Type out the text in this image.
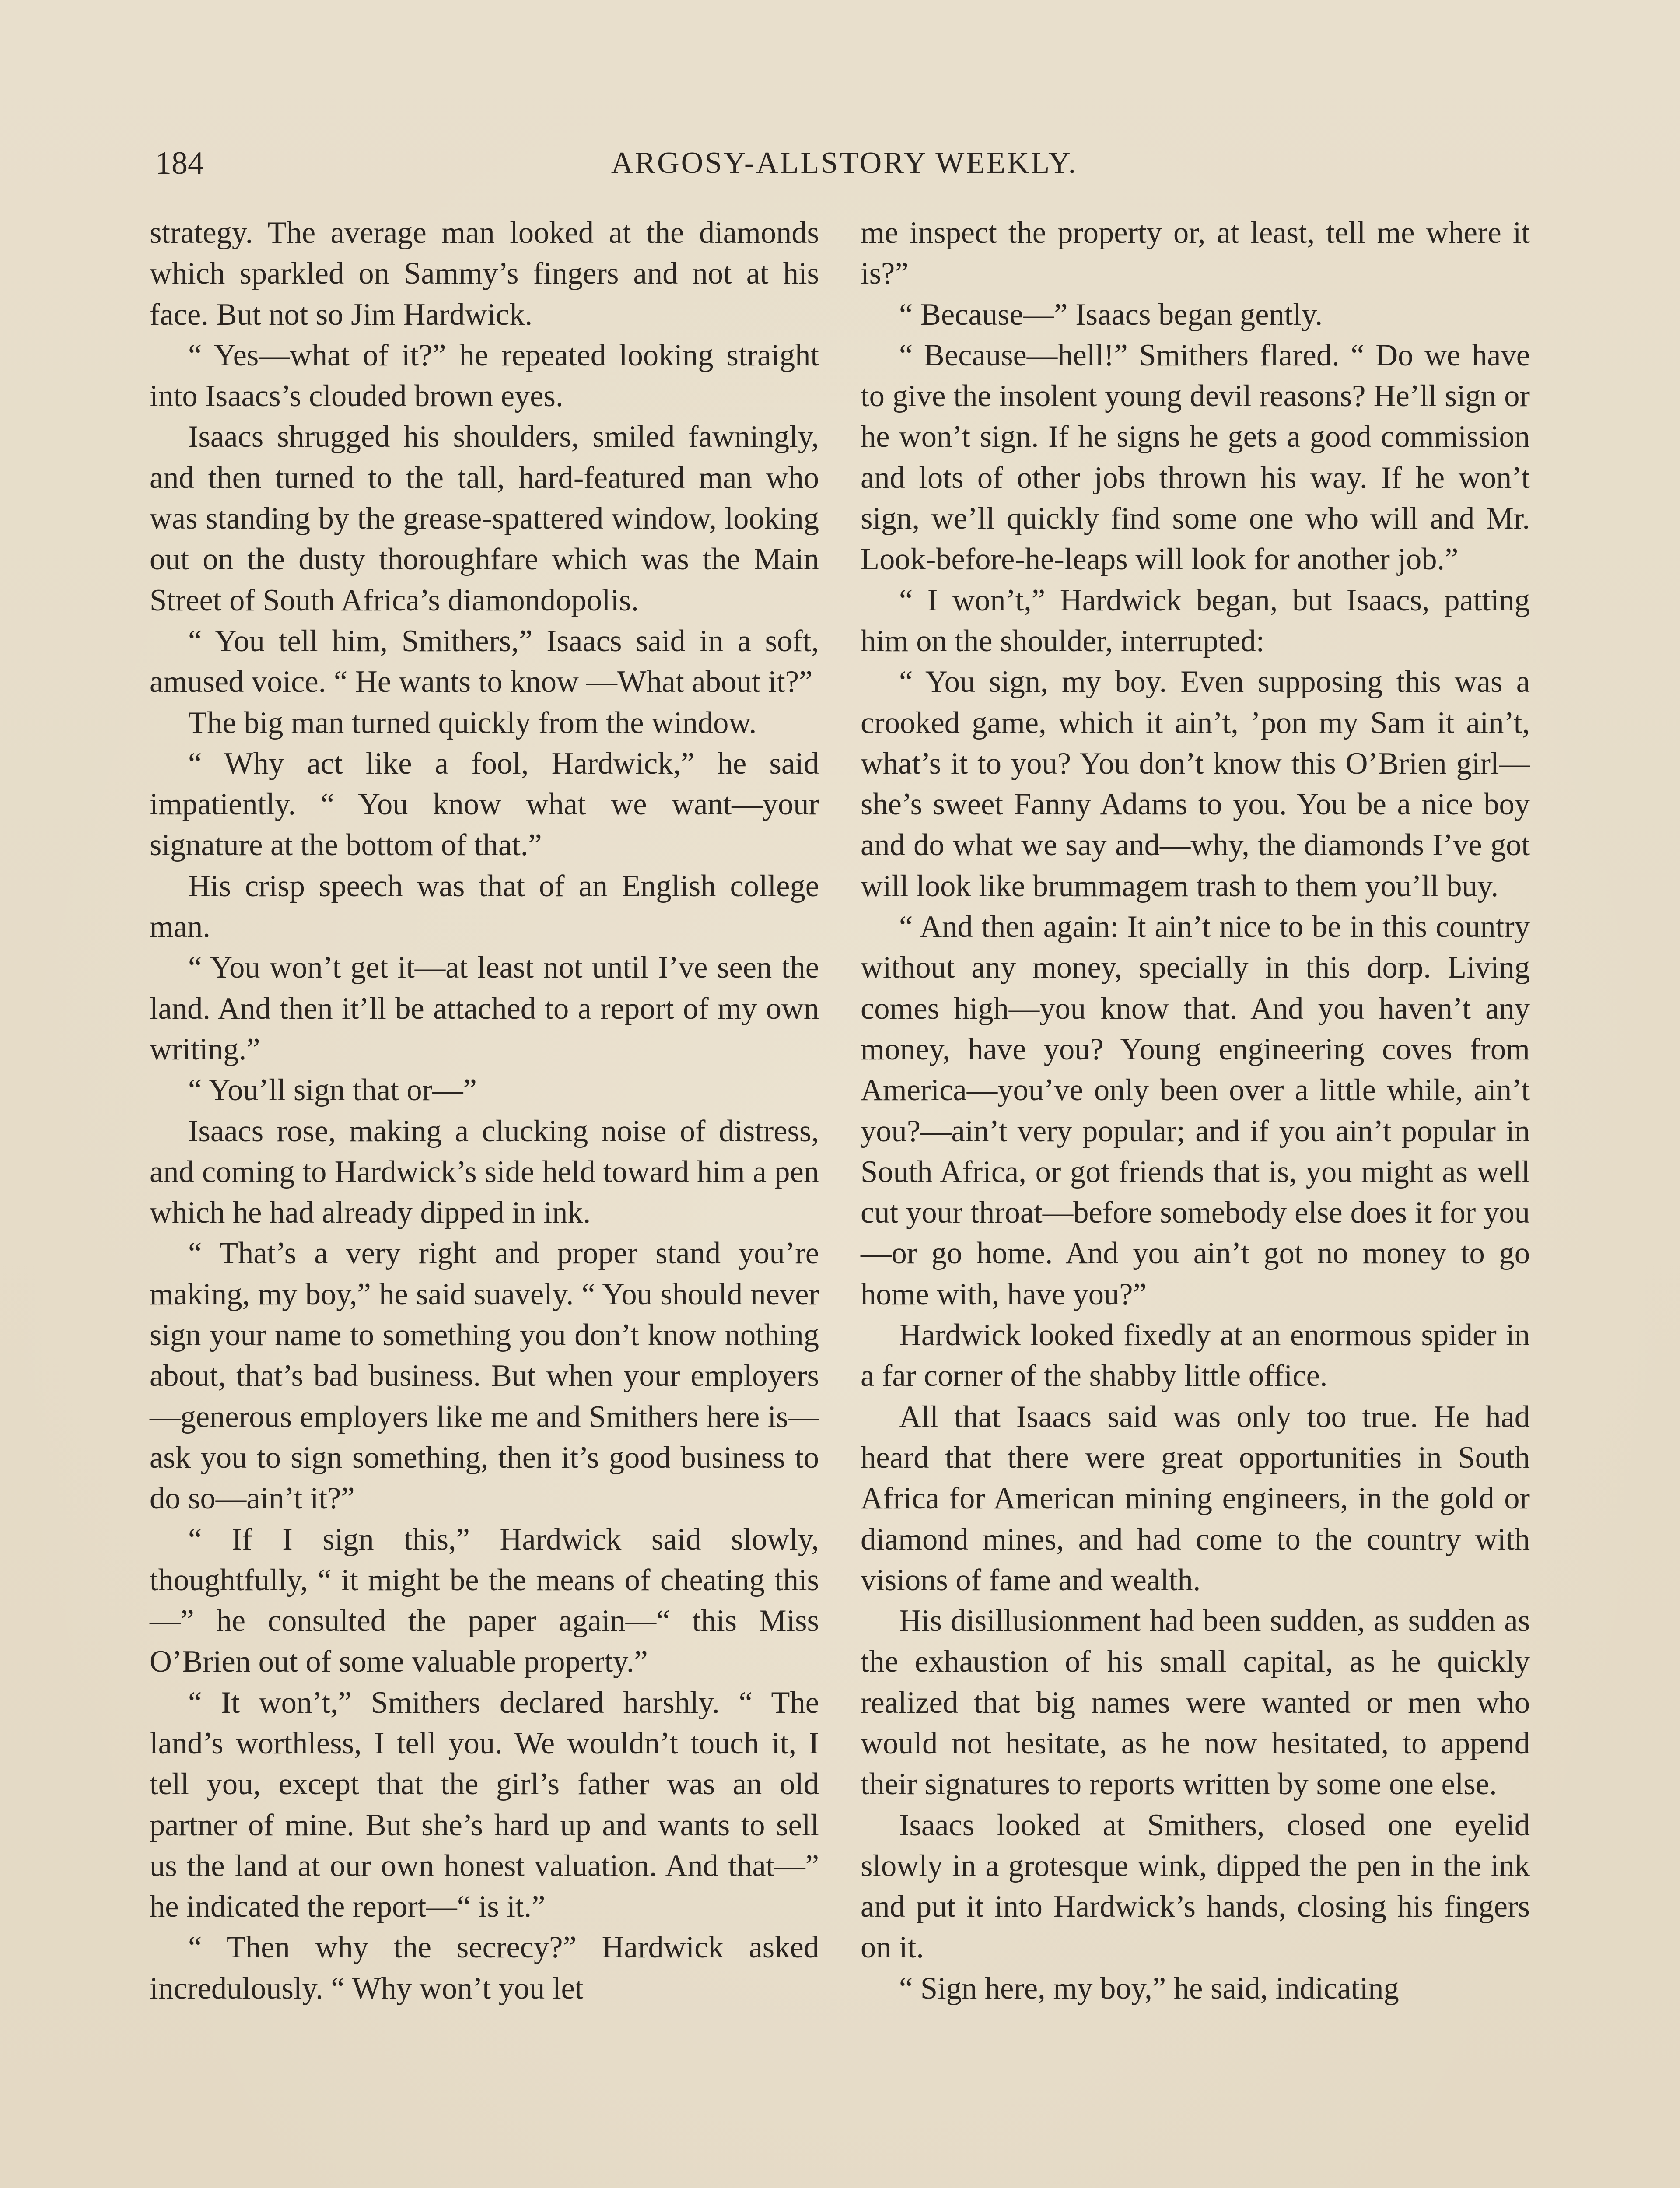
184	ARGOSY-ALLSTORY WEEKLY.

strategy. The average man looked at the diamonds which sparkled on Sammy’s fingers and not at his face. But not so Jim Hardwick.

“ Yes—what of it?” he repeated looking straight into Isaacs’s clouded brown eyes.

Isaacs shrugged his shoulders, smiled fawningly, and then turned to the tall, hard-featured man who was standing by the grease-spattered window, looking out on the dusty thoroughfare which was the Main Street of South Africa’s diamondopolis.

“ You tell him, Smithers,” Isaacs said in a soft, amused voice. “ He wants to know —What about it?”

The big man turned quickly from the window.

“ Why act like a fool, Hardwick,” he said impatiently. “ You know what we want—your signature at the bottom of that.”

His crisp speech was that of an English college man.

“ You won’t get it—at least not until I’ve seen the land. And then it’ll be attached to a report of my own writing.”

“ You’ll sign that or—”

Isaacs rose, making a clucking noise of distress, and coming to Hardwick’s side held toward him a pen which he had already dipped in ink.

“ That’s a very right and proper stand you’re making, my boy,” he said suavely. “ You should never sign your name to something you don’t know nothing about, that’s bad business. But when your employers—generous employers like me and Smithers here is—ask you to sign something, then it’s good business to do so—ain’t it?”

“ If I sign this,” Hardwick said slowly, thoughtfully, “ it might be the means of cheating this—” he consulted the paper again—“ this Miss O’Brien out of some valuable property.”

“ It won’t,” Smithers declared harshly. “ The land’s worthless, I tell you. We wouldn’t touch it, I tell you, except that the girl’s father was an old partner of mine. But she’s hard up and wants to sell us the land at our own honest valuation. And that—” he indicated the report—“ is it.”

“ Then why the secrecy?” Hardwick asked incredulously. “ Why won’t you let

me inspect the property or, at least, tell me where it is?”

“ Because—” Isaacs began gently.

“ Because—hell!” Smithers flared. “ Do we have to give the insolent young devil reasons? He’ll sign or he won’t sign. If he signs he gets a good commission and lots of other jobs thrown his way. If he won’t sign, we’ll quickly find some one who will and Mr. Look-before-he-leaps will look for another job.”

“ I won’t,” Hardwick began, but Isaacs, patting him on the shoulder, interrupted:

“ You sign, my boy. Even supposing this was a crooked game, which it ain’t, ’pon my Sam it ain’t, what’s it to you? You don’t know this O’Brien girl—she’s sweet Fanny Adams to you. You be a nice boy and do what we say and—why, the diamonds I’ve got will look like brummagem trash to them you’ll buy.

“ And then again: It ain’t nice to be in this country without any money, specially in this dorp. Living comes high—you know that. And you haven’t any money, have you? Young engineering coves from America—you’ve only been over a little while, ain’t you?—ain’t very popular; and if you ain’t popular in South Africa, or got friends that is, you might as well cut your throat—before somebody else does it for you—or go home. And you ain’t got no money to go home with, have you?”

Hardwick looked fixedly at an enormous spider in a far corner of the shabby little office.

All that Isaacs said was only too true. He had heard that there were great opportunities in South Africa for American mining engineers, in the gold or diamond mines, and had come to the country with visions of fame and wealth.

His disillusionment had been sudden, as sudden as the exhaustion of his small capital, as he quickly realized that big names were wanted or men who would not hesitate, as he now hesitated, to append their signatures to reports written by some one else.

Isaacs looked at Smithers, closed one eyelid slowly in a grotesque wink, dipped the pen in the ink and put it into Hardwick’s hands, closing his fingers on it.

“ Sign here, my boy,” he said, indicating
